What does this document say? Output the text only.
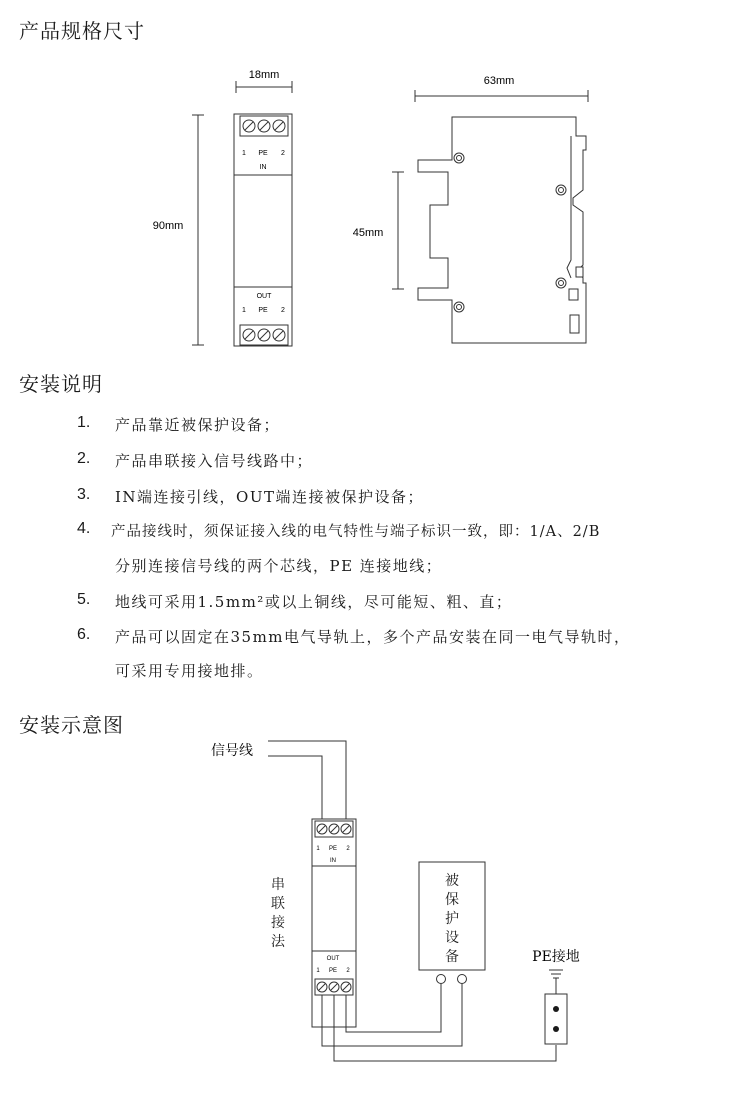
产品规格尺寸
安装说明
安装示意图
18mm
90mm
1 PE 2
IN
OUT
1 PE 2
63mm
45mm
1. 产品靠近被保护设备；
2. 产品串联接入信号线路中；
3. IN端连接引线，OUT端连接被保护设备；
4. 产品接线时，须保证接入线的电气特性与端子标识一致，即：1/A、2/B
分别连接信号线的两个芯线，PE 连接地线；
5. 地线可采用1.5mm²或以上铜线，尽可能短、粗、直；
6. 产品可以固定在35mm电气导轨上，多个产品安装在同一电气导轨时，
可采用专用接地排。
信号线
1 PE 2
IN
OUT
1 PE 2
PE接地
串联接法
被保护设备
